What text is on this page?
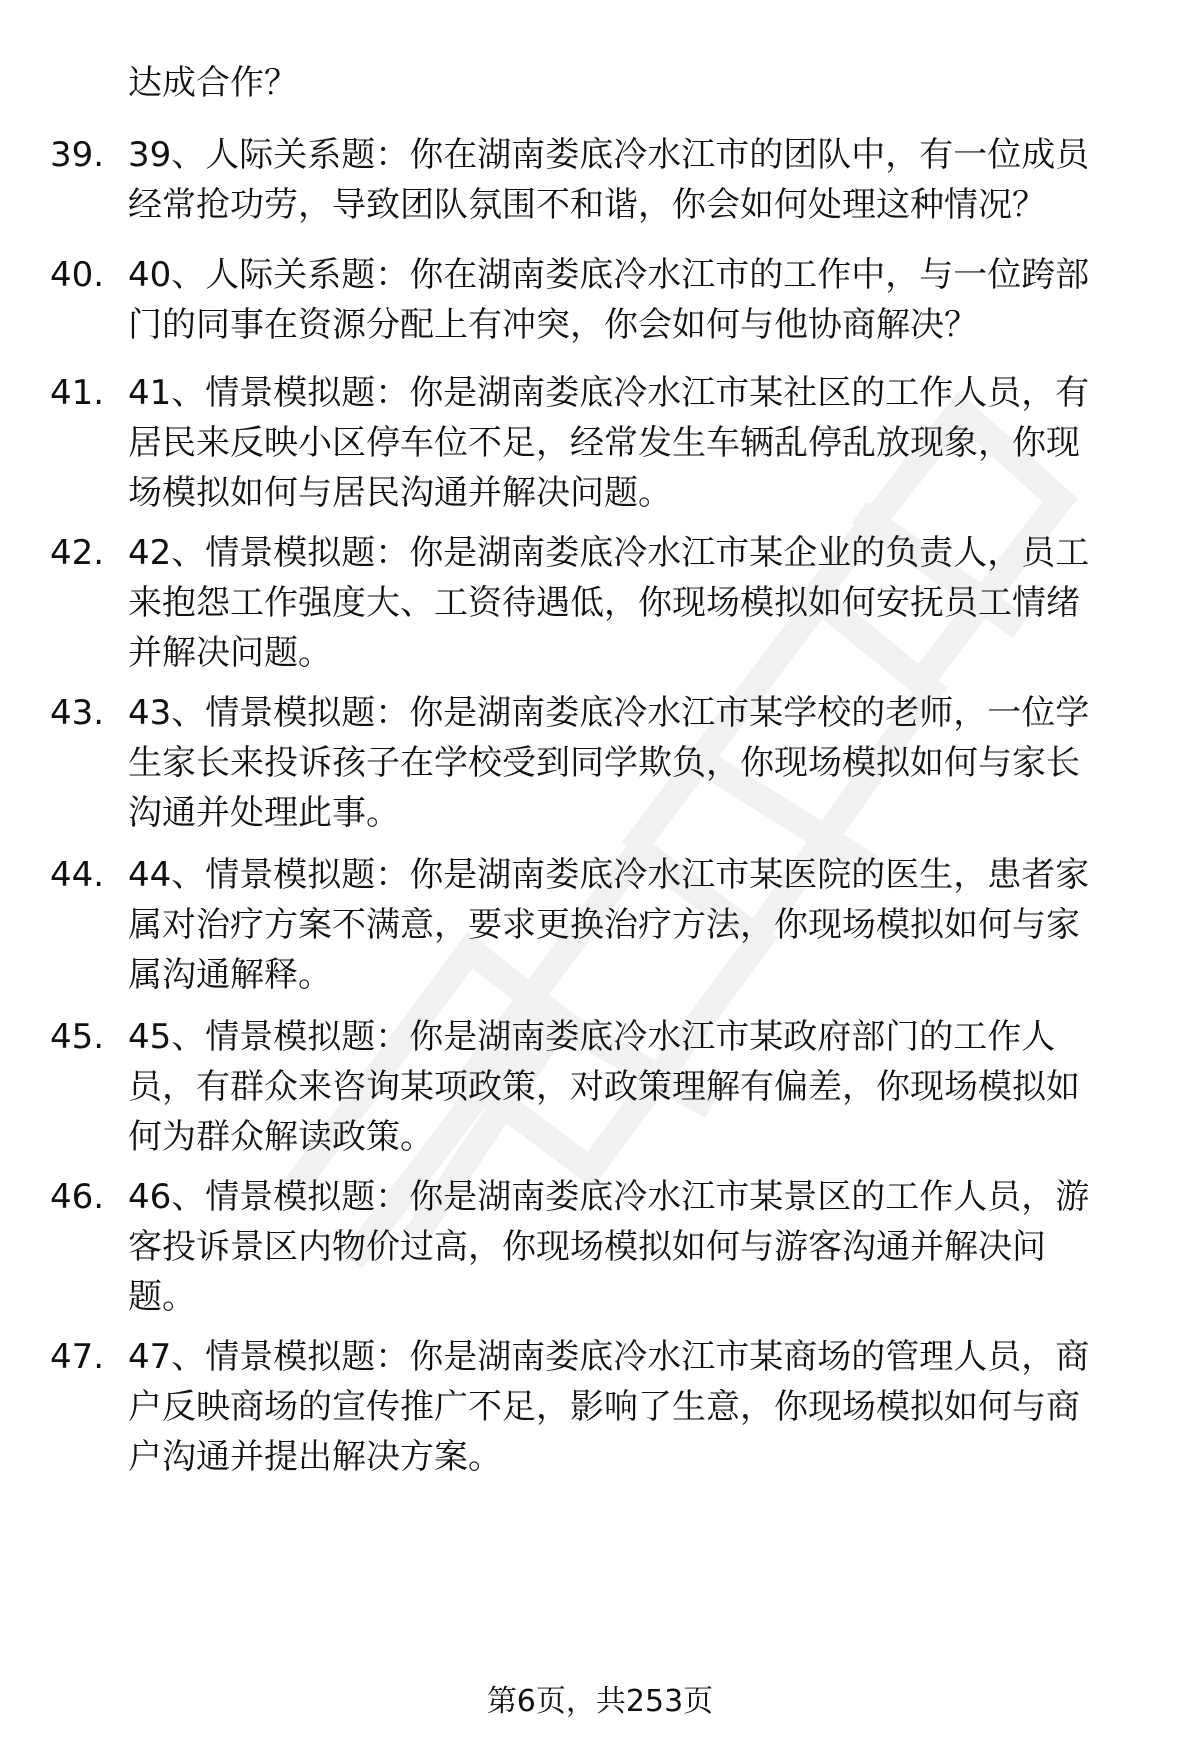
达成合作？
39. 39、人际关系题：你在湖南娄底冷水江市的团队中，有一位成员
经常抢功劳，导致团队氛围不和谐，你会如何处理这种情况？
40. 40、人际关系题：你在湖南娄底冷水江市的工作中，与一位跨部
门的同事在资源分配上有冲突，你会如何与他协商解决？
41. 41、情景模拟题：你是湖南娄底冷水江市某社区的工作人员，有
居民来反映小区停车位不足，经常发生车辆乱停乱放现象，你现
场模拟如何与居民沟通并解决问题。
42. 42、情景模拟题：你是湖南娄底冷水江市某企业的负责人，员工
来抱怨工作强度大、工资待遇低，你现场模拟如何安抚员工情绪
并解决问题。
43. 43、情景模拟题：你是湖南娄底冷水江市某学校的老师，一位学
生家长来投诉孩子在学校受到同学欺负，你现场模拟如何与家长
沟通并处理此事。
44. 44、情景模拟题：你是湖南娄底冷水江市某医院的医生，患者家
属对治疗方案不满意，要求更换治疗方法，你现场模拟如何与家
属沟通解释。
45. 45、情景模拟题：你是湖南娄底冷水江市某政府部门的工作人
员，有群众来咨询某项政策，对政策理解有偏差，你现场模拟如
何为群众解读政策。
46. 46、情景模拟题：你是湖南娄底冷水江市某景区的工作人员，游
客投诉景区内物价过高，你现场模拟如何与游客沟通并解决问
题。
47. 47、情景模拟题：你是湖南娄底冷水江市某商场的管理人员，商
户反映商场的宣传推广不足，影响了生意，你现场模拟如何与商
户沟通并提出解决方案。
第6页，共253页
